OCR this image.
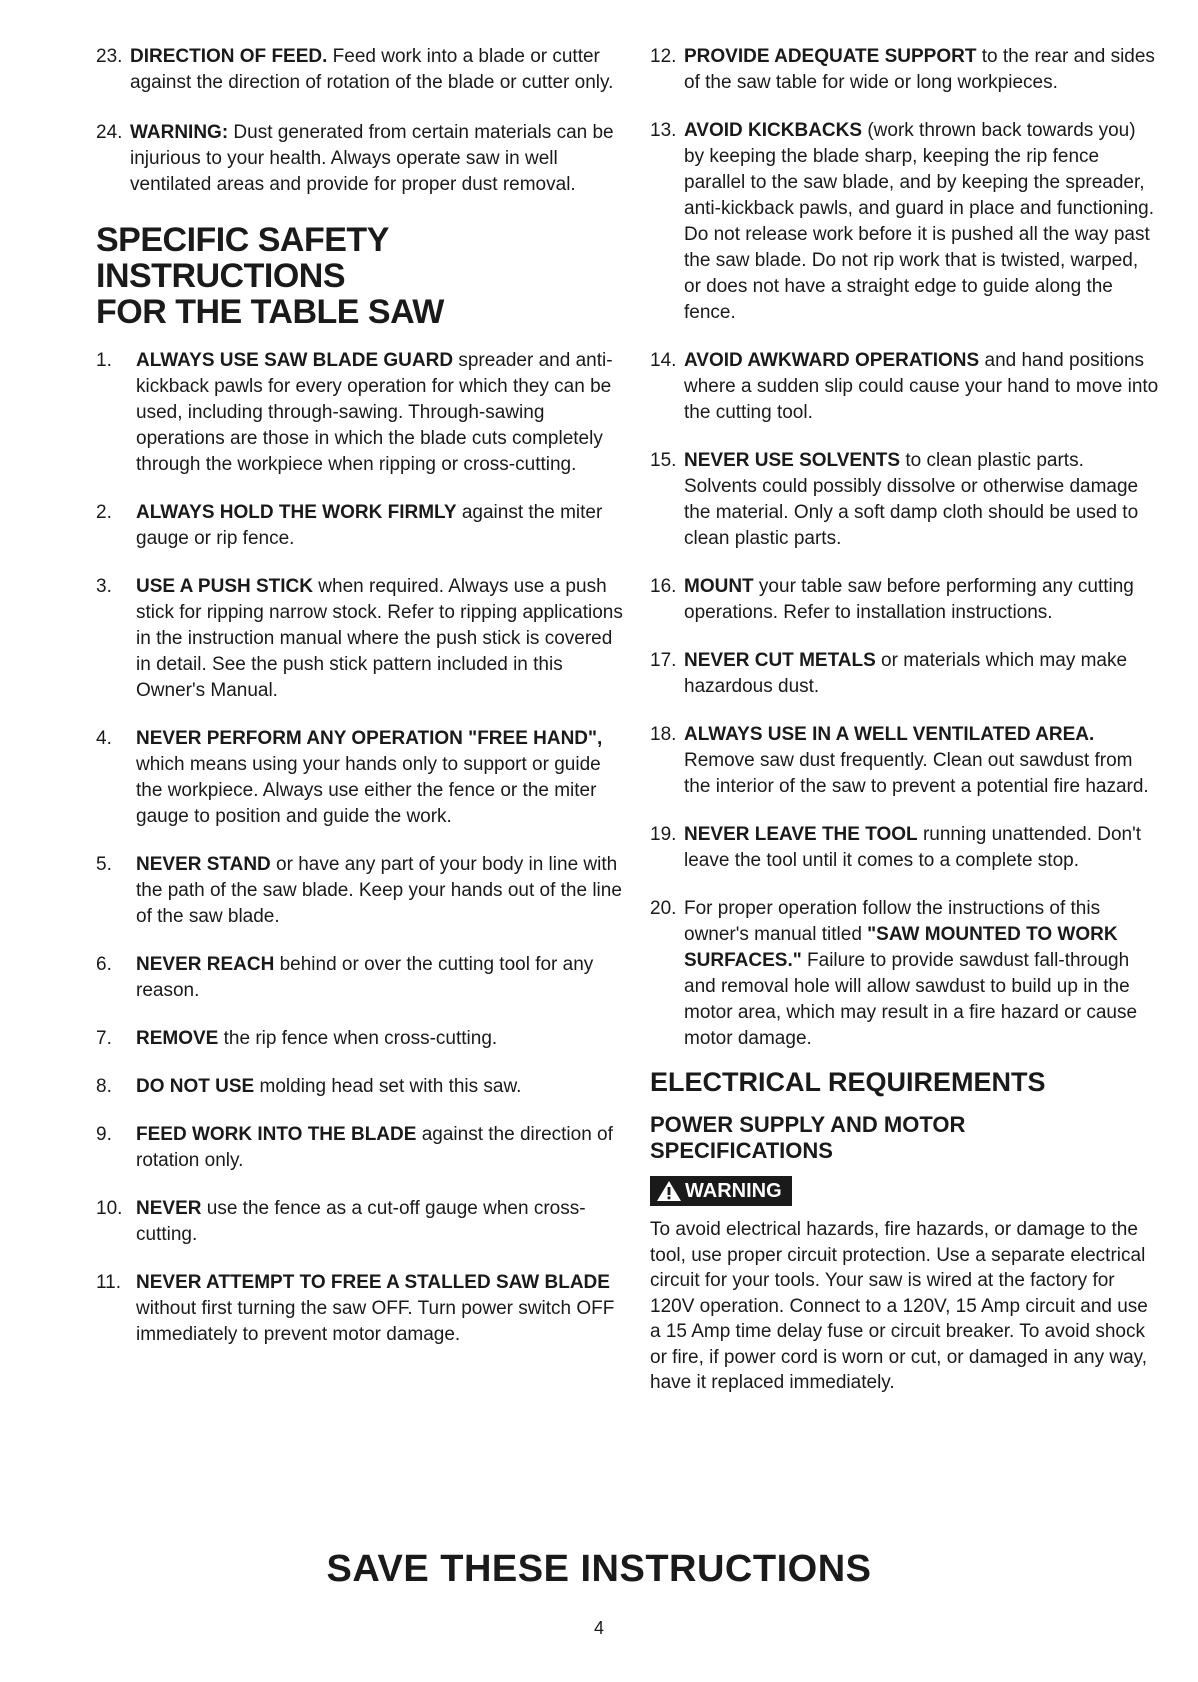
23. DIRECTION OF FEED. Feed work into a blade or cutter against the direction of rotation of the blade or cutter only.
24. WARNING: Dust generated from certain materials can be injurious to your health. Always operate saw in well ventilated areas and provide for proper dust removal.
SPECIFIC SAFETY INSTRUCTIONS
FOR THE TABLE SAW
1.	ALWAYS USE SAW BLADE GUARD spreader and anti-kickback pawls for every operation for which they can be used, including through-sawing. Through-sawing operations are those in which the blade cuts completely through the workpiece when ripping or cross-cutting.
2.	ALWAYS HOLD THE WORK FIRMLY against the miter gauge or rip fence.
3.	USE A PUSH STICK when required. Always use a push stick for ripping narrow stock. Refer to ripping applications in the instruction manual where the push stick is covered in detail. See the push stick pattern included in this Owner's Manual.
4.	NEVER PERFORM ANY OPERATION "FREE HAND", which means using your hands only to support or guide the workpiece. Always use either the fence or the miter gauge to position and guide the work.
5.	NEVER STAND or have any part of your body in line with the path of the saw blade. Keep your hands out of the line of the saw blade.
6.	NEVER REACH behind or over the cutting tool for any reason.
7.	REMOVE the rip fence when cross-cutting.
8.	DO NOT USE molding head set with this saw.
9.	FEED WORK INTO THE BLADE against the direction of rotation only.
10. NEVER use the fence as a cut-off gauge when cross-cutting.
11. NEVER ATTEMPT TO FREE A STALLED SAW BLADE without first turning the saw OFF. Turn power switch OFF immediately to prevent motor damage.
12. PROVIDE ADEQUATE SUPPORT to the rear and sides of the saw table for wide or long workpieces.
13. AVOID KICKBACKS (work thrown back towards you) by keeping the blade sharp, keeping the rip fence parallel to the saw blade, and by keeping the spreader, anti-kickback pawls, and guard in place and functioning. Do not release work before it is pushed all the way past the saw blade. Do not rip work that is twisted, warped, or does not have a straight edge to guide along the fence.
14. AVOID AWKWARD OPERATIONS and hand positions where a sudden slip could cause your hand to move into the cutting tool.
15. NEVER USE SOLVENTS to clean plastic parts. Solvents could possibly dissolve or otherwise damage the material. Only a soft damp cloth should be used to clean plastic parts.
16. MOUNT your table saw before performing any cutting operations. Refer to installation instructions.
17. NEVER CUT METALS or materials which may make hazardous dust.
18. ALWAYS USE IN A WELL VENTILATED AREA. Remove saw dust frequently. Clean out sawdust from the interior of the saw to prevent a potential fire hazard.
19. NEVER LEAVE THE TOOL running unattended. Don't leave the tool until it comes to a complete stop.
20. For proper operation follow the instructions of this owner's manual titled "SAW MOUNTED TO WORK SURFACES." Failure to provide sawdust fall-through and removal hole will allow sawdust to build up in the motor area, which may result in a fire hazard or cause motor damage.
ELECTRICAL REQUIREMENTS
POWER SUPPLY AND MOTOR
SPECIFICATIONS
WARNING
To avoid electrical hazards, fire hazards, or damage to the tool, use proper circuit protection. Use a separate electrical circuit for your tools. Your saw is wired at the factory for 120V operation. Connect to a 120V, 15 Amp circuit and use a 15 Amp time delay fuse or circuit breaker. To avoid shock or fire, if power cord is worn or cut, or damaged in any way, have it replaced immediately.
SAVE THESE INSTRUCTIONS
4
